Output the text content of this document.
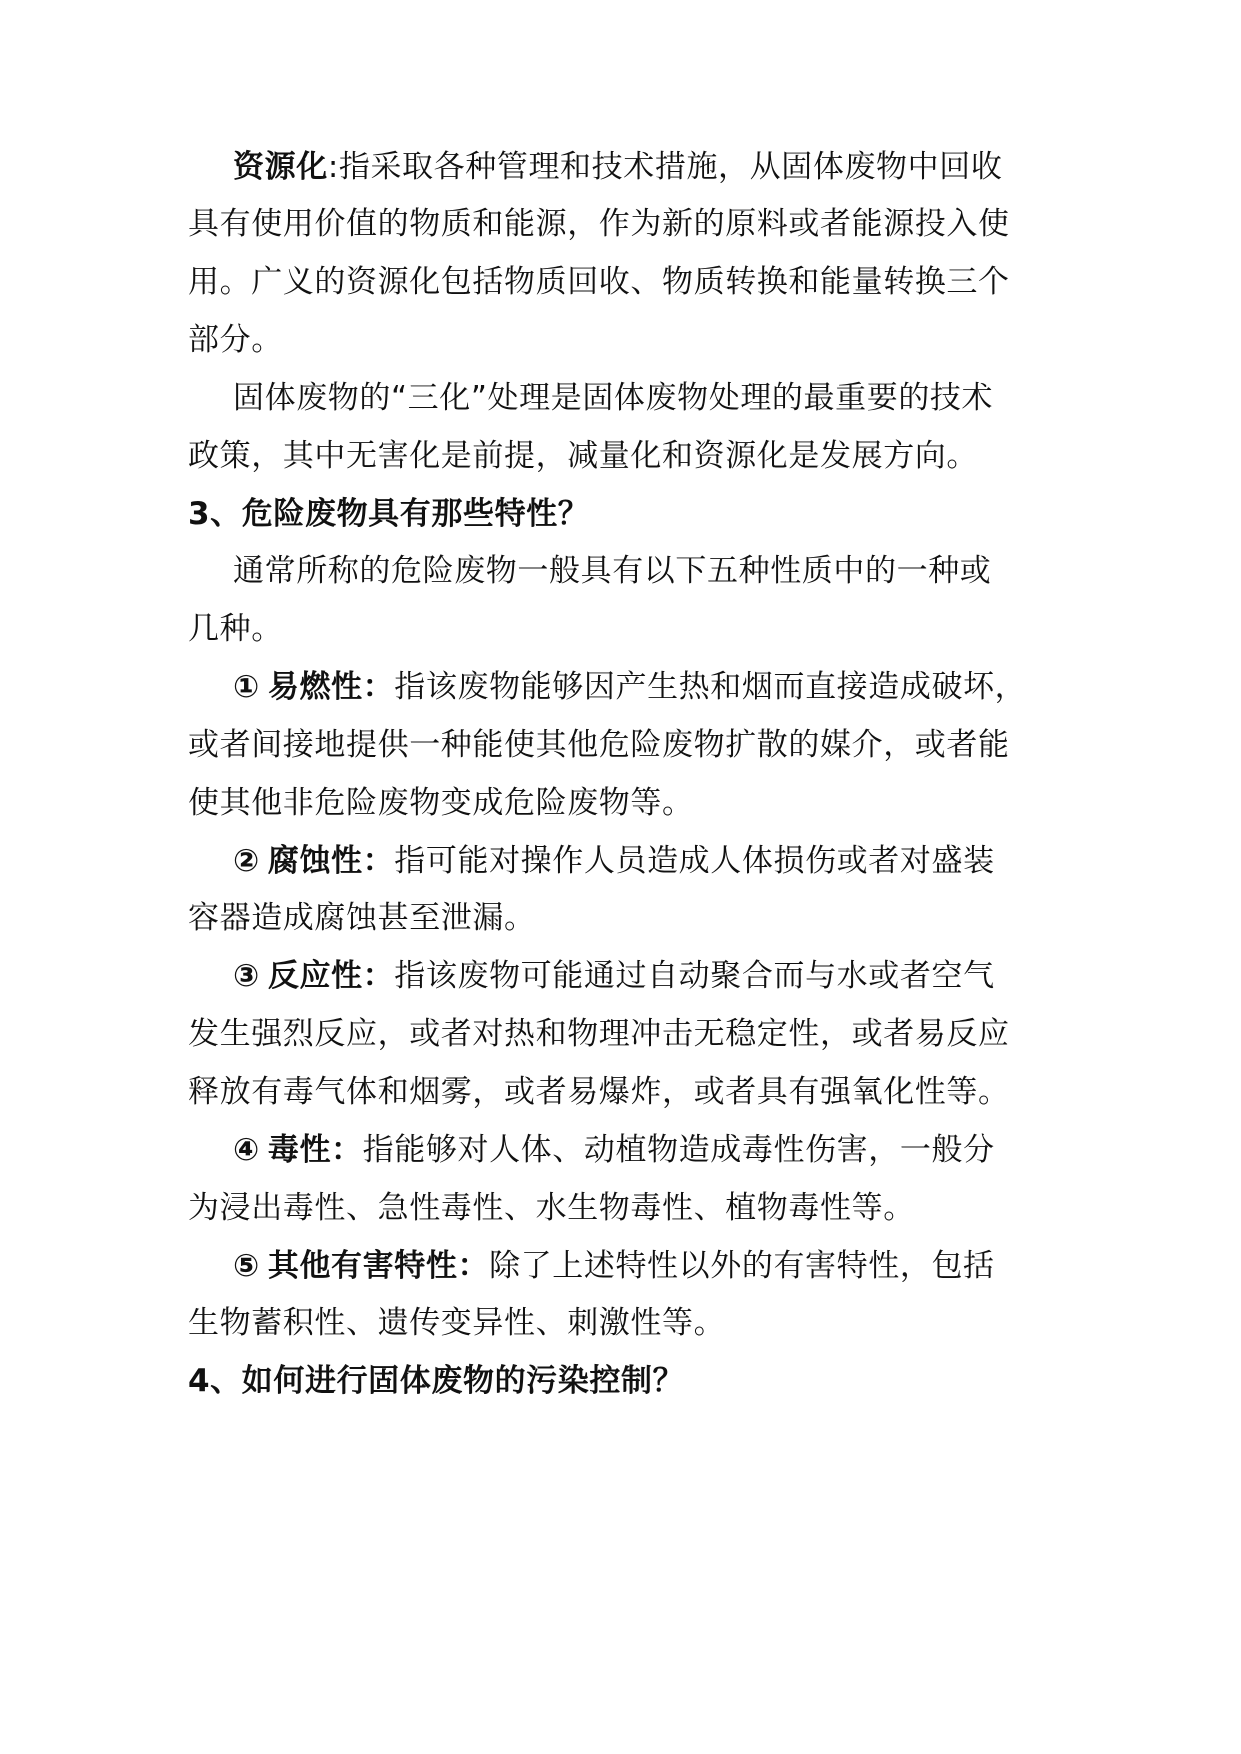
资源化:指采取各种管理和技术措施，从固体废物中回收
具有使用价值的物质和能源，作为新的原料或者能源投入使
用。广义的资源化包括物质回收、物质转换和能量转换三个
部分。
固体废物的“三化”处理是固体废物处理的最重要的技术
政策，其中无害化是前提，减量化和资源化是发展方向。
3、危险废物具有那些特性？
通常所称的危险废物一般具有以下五种性质中的一种或
几种。
① 易燃性：指该废物能够因产生热和烟而直接造成破坏，
或者间接地提供一种能使其他危险废物扩散的媒介，或者能
使其他非危险废物变成危险废物等。
② 腐蚀性：指可能对操作人员造成人体损伤或者对盛装
容器造成腐蚀甚至泄漏。
③ 反应性：指该废物可能通过自动聚合而与水或者空气
发生强烈反应，或者对热和物理冲击无稳定性，或者易反应
释放有毒气体和烟雾，或者易爆炸，或者具有强氧化性等。
④ 毒性：指能够对人体、动植物造成毒性伤害，一般分
为浸出毒性、急性毒性、水生物毒性、植物毒性等。
⑤ 其他有害特性：除了上述特性以外的有害特性，包括
生物蓄积性、遗传变异性、刺激性等。
4、如何进行固体废物的污染控制？
